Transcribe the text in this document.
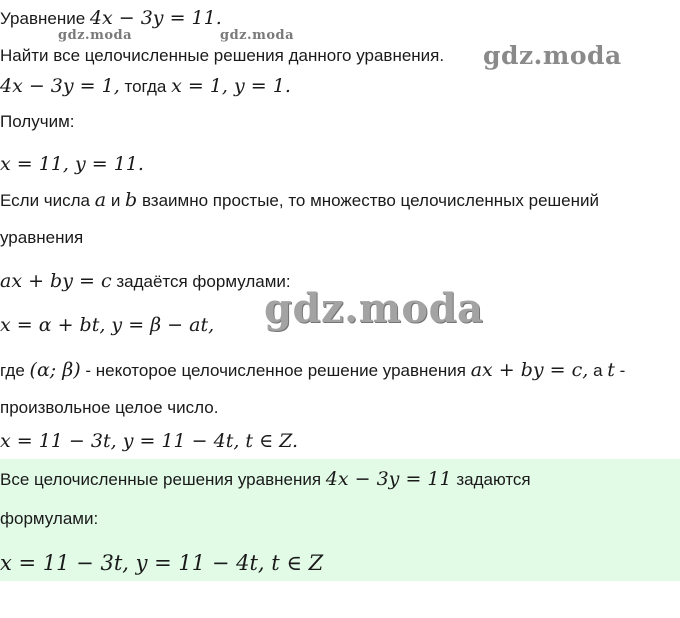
Уравнение 4x − 3y = 11.
Найти все целочисленные решения данного уравнения.
4x − 3y = 1, тогда x = 1, y = 1.
Получим:
x = 11, y = 11.
Если числа a и b взаимно простые, то множество целочисленных решений
уравнения
ax + by = c задаётся формулами:
x = α + bt, y = β − at,
где (α; β) - некоторое целочисленное решение уравнения ax + by = c, а t -
произвольное целое число.
x = 11 − 3t, y = 11 − 4t, t ∈ Z.
Все целочисленные решения уравнения 4x − 3y = 11 задаются
формулами:
x = 11 − 3t, y = 11 − 4t, t ∈ Z
gdz.moda	gdz.moda
gdz.moda
gdz.moda
